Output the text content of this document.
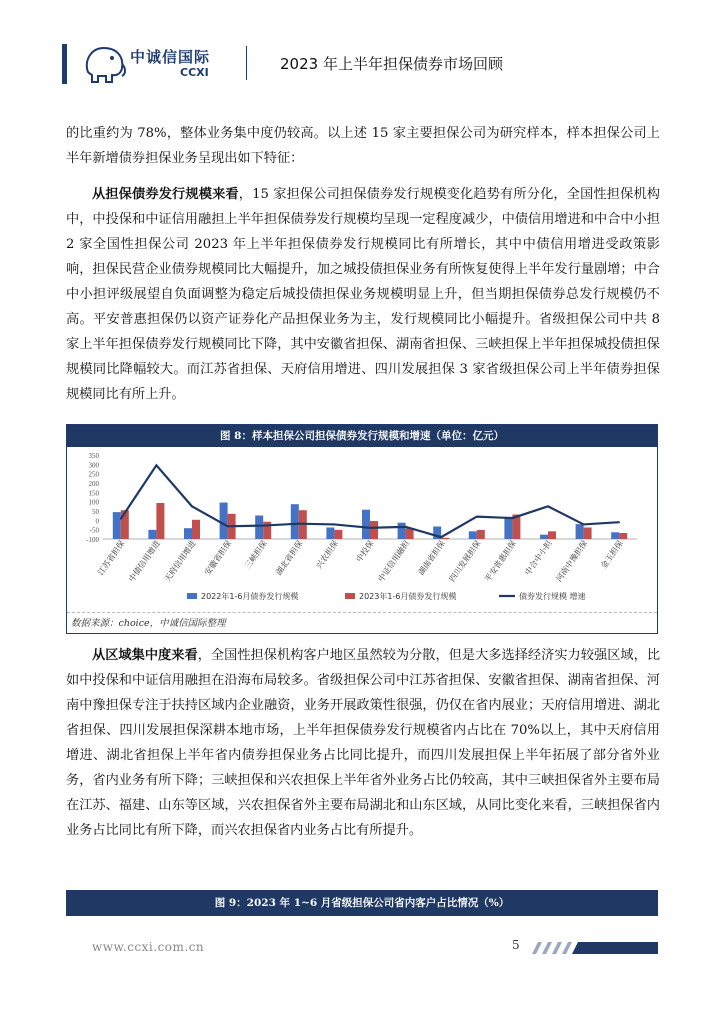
中诚信国际
CCXI	2023 年上半年担保债券市场回顾
的比重约为 78%，整体业务集中度仍较高。以上述 15 家主要担保公司为研究样本，样本担保公司上半年新增债券担保业务呈现出如下特征：
从担保债券发行规模来看，15 家担保公司担保债券发行规模变化趋势有所分化，全国性担保机构中，中投保和中证信用融担上半年担保债券发行规模均呈现一定程度减少，中债信用增进和中合中小担 2 家全国性担保公司 2023 年上半年担保债券发行规模同比有所增长，其中中债信用增进受政策影响，担保民营企业债券规模同比大幅提升，加之城投债担保业务有所恢复使得上半年发行量剧增；中合中小担评级展望自负面调整为稳定后城投债担保业务规模明显上升，但当期担保债券总发行规模仍不高。平安普惠担保仍以资产证券化产品担保业务为主，发行规模同比小幅提升。省级担保公司中共 8 家上半年担保债券发行规模同比下降，其中安徽省担保、湖南省担保、三峡担保上半年担保城投债担保规模同比降幅较大。而江苏省担保、天府信用增进、四川发展担保 3 家省级担保公司上半年债券担保规模同比有所上升。
图 8：样本担保公司担保债券发行规模和增速（单位：亿元）
-100
-50
0
50
100
150
200
250
300
350
江苏省担保 中债信用增进 天府信用增进 安徽省担保 三峡担保 湖北省担保 兴农担保 中投保 中证信用融担 湖南省担保 四川发展担保 平安普惠担保 中合中小担 河南中豫担保 金玉担保
2022年1-6月债券发行规模	2023年1-6月债券发行规模	债券发行规模 增速
数据来源：choice，中诚信国际整理
从区域集中度来看，全国性担保机构客户地区虽然较为分散，但是大多选择经济实力较强区域，比如中投保和中证信用融担在沿海布局较多。省级担保公司中江苏省担保、安徽省担保、湖南省担保、河南中豫担保专注于扶持区域内企业融资，业务开展政策性很强，仍仅在省内展业；天府信用增进、湖北省担保、四川发展担保深耕本地市场，上半年担保债券发行规模省内占比在 70%以上，其中天府信用增进、湖北省担保上半年省内债券担保业务占比同比提升，而四川发展担保上半年拓展了部分省外业务，省内业务有所下降；三峡担保和兴农担保上半年省外业务占比仍较高，其中三峡担保省外主要布局在江苏、福建、山东等区域，兴农担保省外主要布局湖北和山东区域，从同比变化来看，三峡担保省内业务占比同比有所下降，而兴农担保省内业务占比有所提升。
图 9：2023 年 1~6 月省级担保公司省内客户占比情况（%）
www.ccxi.com.cn	5
